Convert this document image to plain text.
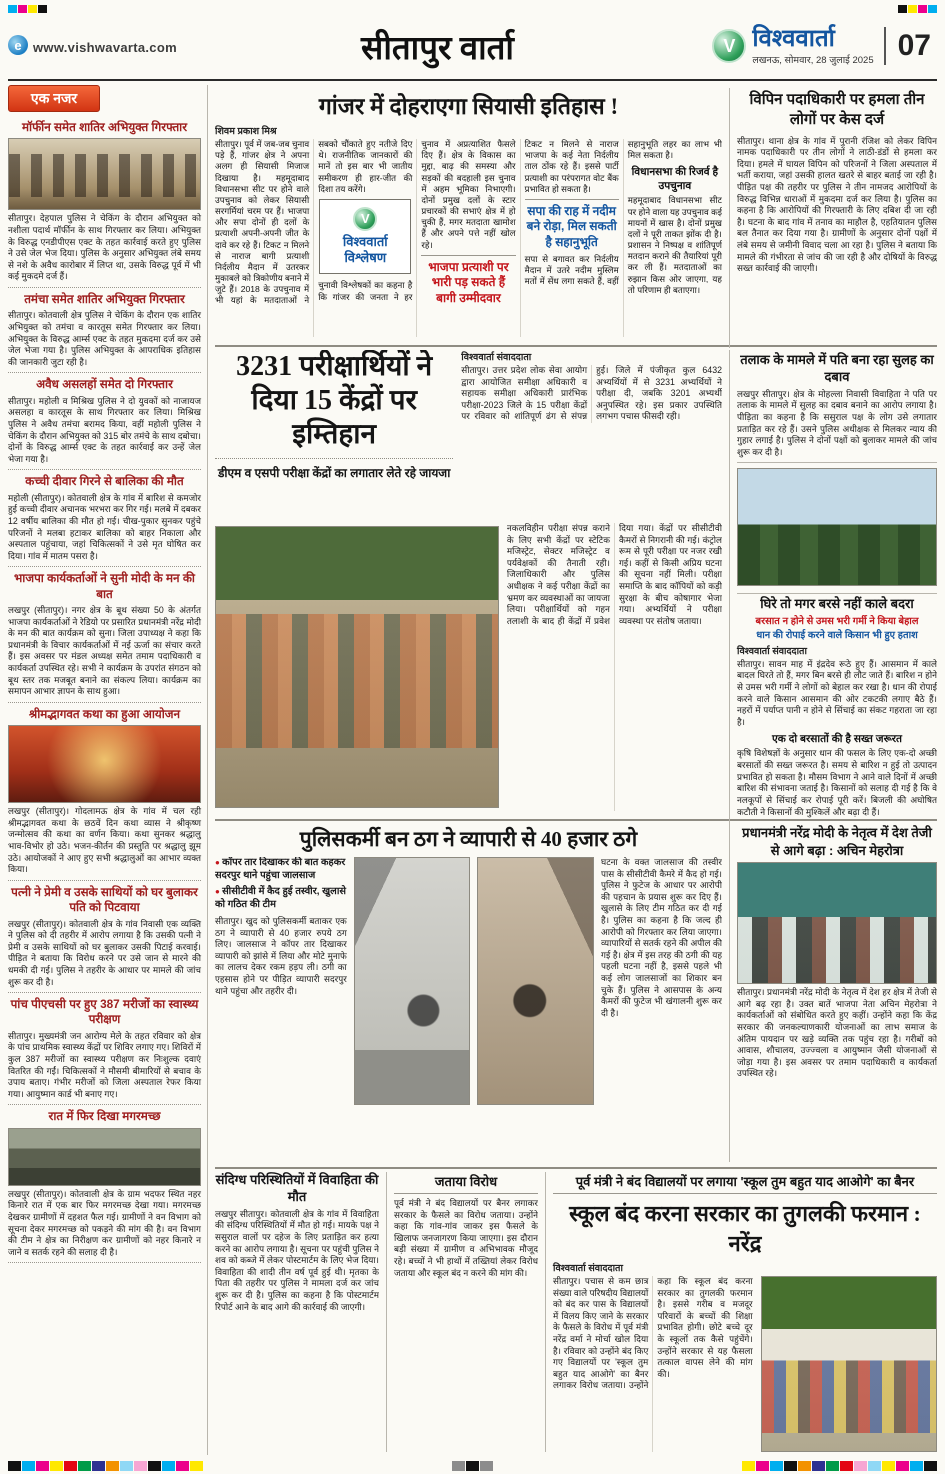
e www.vishwavarta.com	सीतापुर वार्ता	V विश्ववार्ता
लखनऊ, सोमवार, 28 जुलाई 2025 07
एक नजर
मॉर्फीन समेत शातिर अभियुक्त गिरफ्तार

सीतापुर। देहपाल पुलिस ने चेकिंग के दौरान अभियुक्त को नशीला पदार्थ मॉर्फीन के साथ गिरफ्तार कर लिया। अभियुक्त के विरुद्ध एनडीपीएस एक्ट के तहत कार्रवाई करते हुए पुलिस ने उसे जेल भेज दिया। पुलिस के अनुसार अभियुक्त लंबे समय से नशे के अवैध कारोबार में लिप्त था, उसके विरुद्ध पूर्व में भी कई मुकदमे दर्ज हैं।

तमंचा समेत शातिर अभियुक्त गिरफ्तार

सीतापुर। कोतवाली क्षेत्र पुलिस ने चेकिंग के दौरान एक शातिर अभियुक्त को तमंचा व कारतूस समेत गिरफ्तार कर लिया। अभियुक्त के विरुद्ध आर्म्स एक्ट के तहत मुकदमा दर्ज कर उसे जेल भेजा गया है। पुलिस अभियुक्त के आपराधिक इतिहास की जानकारी जुटा रही है।

अवैध असलहों समेत दो गिरफ्तार

सीतापुर। महोली व मिश्रिख पुलिस ने दो युवकों को नाजायज असलहा व कारतूस के साथ गिरफ्तार कर लिया। मिश्रिख पुलिस ने अवैध तमंचा बरामद किया, वहीं महोली पुलिस ने चेकिंग के दौरान अभियुक्त को 315 बोर तमंचे के साथ दबोचा। दोनों के विरुद्ध आर्म्स एक्ट के तहत कार्रवाई कर उन्हें जेल भेजा गया है।

कच्ची दीवार गिरने से बालिका की मौत

महोली (सीतापुर)। कोतवाली क्षेत्र के गांव में बारिश से कमजोर हुई कच्ची दीवार अचानक भरभरा कर गिर गई। मलबे में दबकर 12 वर्षीय बालिका की मौत हो गई। चीख-पुकार सुनकर पहुंचे परिजनों ने मलबा हटाकर बालिका को बाहर निकाला और अस्पताल पहुंचाया, जहां चिकित्सकों ने उसे मृत घोषित कर दिया। गांव में मातम पसरा है।

भाजपा कार्यकर्ताओं ने सुनी मोदी के मन की बात

लखपुर (सीतापुर)। नगर क्षेत्र के बूथ संख्या 50 के अंतर्गत भाजपा कार्यकर्ताओं ने रेडियो पर प्रसारित प्रधानमंत्री नरेंद्र मोदी के मन की बात कार्यक्रम को सुना। जिला उपाध्यक्ष ने कहा कि प्रधानमंत्री के विचार कार्यकर्ताओं में नई ऊर्जा का संचार करते हैं। इस अवसर पर मंडल अध्यक्ष समेत तमाम पदाधिकारी व कार्यकर्ता उपस्थित रहे। सभी ने कार्यक्रम के उपरांत संगठन को बूथ स्तर तक मजबूत बनाने का संकल्प लिया। कार्यक्रम का समापन आभार ज्ञापन के साथ हुआ।

श्रीमद्भागवत कथा का हुआ आयोजन

लखपुर (सीतापुर)। गोदलामऊ क्षेत्र के गांव में चल रही श्रीमद्भागवत कथा के छठवें दिन कथा व्यास ने श्रीकृष्ण जन्मोत्सव की कथा का वर्णन किया। कथा सुनकर श्रद्धालु भाव-विभोर हो उठे। भजन-कीर्तन की प्रस्तुति पर श्रद्धालु झूम उठे। आयोजकों ने आए हुए सभी श्रद्धालुओं का आभार व्यक्त किया।

पत्नी ने प्रेमी व उसके साथियों को घर बुलाकर पति को पिटवाया

लखपुर (सीतापुर)। कोतवाली क्षेत्र के गांव निवासी एक व्यक्ति ने पुलिस को दी तहरीर में आरोप लगाया है कि उसकी पत्नी ने प्रेमी व उसके साथियों को घर बुलाकर उसकी पिटाई करवाई। पीड़ित ने बताया कि विरोध करने पर उसे जान से मारने की धमकी दी गई। पुलिस ने तहरीर के आधार पर मामले की जांच शुरू कर दी है।

पांच पीएचसी पर हुए 387 मरीजों का स्वास्थ्य परीक्षण

सीतापुर। मुख्यमंत्री जन आरोग्य मेले के तहत रविवार को क्षेत्र के पांच प्राथमिक स्वास्थ्य केंद्रों पर शिविर लगाए गए। शिविरों में कुल 387 मरीजों का स्वास्थ्य परीक्षण कर निःशुल्क दवाएं वितरित की गईं। चिकित्सकों ने मौसमी बीमारियों से बचाव के उपाय बताए। गंभीर मरीजों को जिला अस्पताल रेफर किया गया। आयुष्मान कार्ड भी बनाए गए।

रात में फिर दिखा मगरमच्छ

लखपुर (सीतापुर)। कोतवाली क्षेत्र के ग्राम भदफर स्थित नहर किनारे रात में एक बार फिर मगरमच्छ देखा गया। मगरमच्छ देखकर ग्रामीणों में दहशत फैल गई। ग्रामीणों ने वन विभाग को सूचना देकर मगरमच्छ को पकड़ने की मांग की है। वन विभाग की टीम ने क्षेत्र का निरीक्षण कर ग्रामीणों को नहर किनारे न जाने व सतर्क रहने की सलाह दी है।

गांजर में दोहराएगा सियासी इतिहास !
शिवम प्रकाश मिश्र

सीतापुर। पूर्व में जब-जब चुनाव पड़े हैं, गांजर क्षेत्र ने अपना अलग ही सियासी मिजाज दिखाया है। महमूदाबाद विधानसभा सीट पर होने वाले उपचुनाव को लेकर सियासी सरगर्मियां चरम पर हैं। भाजपा और सपा दोनों ही दलों के प्रत्याशी अपनी-अपनी जीत के दावे कर रहे हैं। टिकट न मिलने से नाराज बागी प्रत्याशी निर्दलीय मैदान में उतरकर मुकाबले को त्रिकोणीय बनाने में जुटे हैं। 2018 के उपचुनाव में भी यहां के मतदाताओं ने सबको चौंकाते हुए नतीजे दिए थे। राजनीतिक जानकारों की मानें तो इस बार भी जातीय समीकरण ही हार-जीत की दिशा तय करेंगे।

V
विश्ववार्ता
विश्लेषण

चुनावी विश्लेषकों का कहना है कि गांजर की जनता ने हर चुनाव में अप्रत्याशित फैसले दिए हैं। क्षेत्र के विकास का मुद्दा, बाढ़ की समस्या और सड़कों की बदहाली इस चुनाव में अहम भूमिका निभाएगी। दोनों प्रमुख दलों के स्टार प्रचारकों की सभाएं क्षेत्र में हो चुकी हैं, मगर मतदाता खामोश हैं और अपने पत्ते नहीं खोल रहे।

भाजपा प्रत्याशी पर भारी पड़ सकते हैं बागी उम्मीदवार

टिकट न मिलने से नाराज भाजपा के कई नेता निर्दलीय ताल ठोंक रहे हैं। इससे पार्टी प्रत्याशी का परंपरागत वोट बैंक प्रभावित हो सकता है।

सपा की राह में नदीम बने रोड़ा, मिल सकती है सहानुभूति

सपा से बगावत कर निर्दलीय मैदान में उतरे नदीम मुस्लिम मतों में सेंध लगा सकते हैं, वहीं सहानुभूति लहर का लाभ भी मिल सकता है।

विधानसभा की रिजर्व है उपचुनाव

महमूदाबाद विधानसभा सीट पर होने वाला यह उपचुनाव कई मायनों में खास है। दोनों प्रमुख दलों ने पूरी ताकत झोंक दी है। प्रशासन ने निष्पक्ष व शांतिपूर्ण मतदान कराने की तैयारियां पूरी कर ली हैं। मतदाताओं का रुझान किस ओर जाएगा, यह तो परिणाम ही बताएगा।

विपिन पदाधिकारी पर हमला तीन लोगों पर केस दर्ज

सीतापुर। थाना क्षेत्र के गांव में पुरानी रंजिश को लेकर विपिन नामक पदाधिकारी पर तीन लोगों ने लाठी-डंडों से हमला कर दिया। हमले में घायल विपिन को परिजनों ने जिला अस्पताल में भर्ती कराया, जहां उसकी हालत खतरे से बाहर बताई जा रही है। पीड़ित पक्ष की तहरीर पर पुलिस ने तीन नामजद आरोपियों के विरुद्ध विभिन्न धाराओं में मुकदमा दर्ज कर लिया है। पुलिस का कहना है कि आरोपियों की गिरफ्तारी के लिए दबिश दी जा रही है। घटना के बाद गांव में तनाव का माहौल है, एहतियातन पुलिस बल तैनात कर दिया गया है। ग्रामीणों के अनुसार दोनों पक्षों में लंबे समय से जमीनी विवाद चला आ रहा है। पुलिस ने बताया कि मामले की गंभीरता से जांच की जा रही है और दोषियों के विरुद्ध सख्त कार्रवाई की जाएगी।

3231 परीक्षार्थियों ने दिया 15 केंद्रों पर इम्तिहान
डीएम व एसपी परीक्षा केंद्रों का लगातार लेते रहे जायजा
विश्ववार्ता संवाददाता

सीतापुर। उत्तर प्रदेश लोक सेवा आयोग द्वारा आयोजित समीक्षा अधिकारी व सहायक समीक्षा अधिकारी प्रारंभिक परीक्षा-2023 जिले के 15 परीक्षा केंद्रों पर रविवार को शांतिपूर्ण ढंग से संपन्न हुई। जिले में पंजीकृत कुल 6432 अभ्यर्थियों में से 3231 अभ्यर्थियों ने परीक्षा दी, जबकि 3201 अभ्यर्थी अनुपस्थित रहे। इस प्रकार उपस्थिति लगभग पचास फीसदी रही।

नकलविहीन परीक्षा संपन्न कराने के लिए सभी केंद्रों पर स्टेटिक मजिस्ट्रेट, सेक्टर मजिस्ट्रेट व पर्यवेक्षकों की तैनाती रही। जिलाधिकारी और पुलिस अधीक्षक ने कई परीक्षा केंद्रों का भ्रमण कर व्यवस्थाओं का जायजा लिया। परीक्षार्थियों को गहन तलाशी के बाद ही केंद्रों में प्रवेश दिया गया। केंद्रों पर सीसीटीवी कैमरों से निगरानी की गई। कंट्रोल रूम से पूरी परीक्षा पर नजर रखी गई। कहीं से किसी अप्रिय घटना की सूचना नहीं मिली। परीक्षा समाप्ति के बाद कॉपियों को कड़ी सुरक्षा के बीच कोषागार भेजा गया। अभ्यर्थियों ने परीक्षा व्यवस्था पर संतोष जताया।

तलाक के मामले में पति बना रहा सुलह का दबाव

लखपुर सीतापुर। क्षेत्र के मोहल्ला निवासी विवाहिता ने पति पर तलाक के मामले में सुलह का दबाव बनाने का आरोप लगाया है। पीड़िता का कहना है कि ससुराल पक्ष के लोग उसे लगातार प्रताड़ित कर रहे हैं। उसने पुलिस अधीक्षक से मिलकर न्याय की गुहार लगाई है। पुलिस ने दोनों पक्षों को बुलाकर मामले की जांच शुरू कर दी है।

घिरे तो मगर बरसे नहीं काले बदरा
बरसात न होने से उमस भरी गर्मी ने किया बेहाल
धान की रोपाई करने वाले किसान भी हुए हताश
विश्ववार्ता संवाददाता

सीतापुर। सावन माह में इंद्रदेव रूठे हुए हैं। आसमान में काले बादल घिरते तो हैं, मगर बिन बरसे ही लौट जाते हैं। बारिश न होने से उमस भरी गर्मी ने लोगों को बेहाल कर रखा है। धान की रोपाई करने वाले किसान आसमान की ओर टकटकी लगाए बैठे हैं। नहरों में पर्याप्त पानी न होने से सिंचाई का संकट गहराता जा रहा है।

एक दो बरसातों की है सख्त जरूरत

कृषि विशेषज्ञों के अनुसार धान की फसल के लिए एक-दो अच्छी बरसातों की सख्त जरूरत है। समय से बारिश न हुई तो उत्पादन प्रभावित हो सकता है। मौसम विभाग ने आने वाले दिनों में अच्छी बारिश की संभावना जताई है। किसानों को सलाह दी गई है कि वे नलकूपों से सिंचाई कर रोपाई पूरी करें। बिजली की अघोषित कटौती ने किसानों की मुश्किलें और बढ़ा दी हैं।

पुलिसकर्मी बन ठग ने व्यापारी से 40 हजार ठगे
● कॉपर तार दिखाकर की बात कहकर सदरपुर थाने पहुंचा जालसाज
● सीसीटीवी में कैद हुई तस्वीर, खुलासे को गठित की टीम

सीतापुर। खुद को पुलिसकर्मी बताकर एक ठग ने व्यापारी से 40 हजार रुपये ठग लिए। जालसाज ने कॉपर तार दिखाकर व्यापारी को झांसे में लिया और मोटे मुनाफे का लालच देकर रकम हड़प ली। ठगी का एहसास होने पर पीड़ित व्यापारी सदरपुर थाने पहुंचा और तहरीर दी।

घटना के वक्त जालसाज की तस्वीर पास के सीसीटीवी कैमरे में कैद हो गई। पुलिस ने फुटेज के आधार पर आरोपी की पहचान के प्रयास शुरू कर दिए हैं। खुलासे के लिए टीम गठित कर दी गई है। पुलिस का कहना है कि जल्द ही आरोपी को गिरफ्तार कर लिया जाएगा। व्यापारियों से सतर्क रहने की अपील की गई है। क्षेत्र में इस तरह की ठगी की यह पहली घटना नहीं है, इससे पहले भी कई लोग जालसाजों का शिकार बन चुके हैं। पुलिस ने आसपास के अन्य कैमरों की फुटेज भी खंगालनी शुरू कर दी है।

प्रधानमंत्री नरेंद्र मोदी के नेतृत्व में देश तेजी से आगे बढ़ा : अचिन मेहरोत्रा

सीतापुर। प्रधानमंत्री नरेंद्र मोदी के नेतृत्व में देश हर क्षेत्र में तेजी से आगे बढ़ रहा है। उक्त बातें भाजपा नेता अचिन मेहरोत्रा ने कार्यकर्ताओं को संबोधित करते हुए कहीं। उन्होंने कहा कि केंद्र सरकार की जनकल्याणकारी योजनाओं का लाभ समाज के अंतिम पायदान पर खड़े व्यक्ति तक पहुंच रहा है। गरीबों को आवास, शौचालय, उज्ज्वला व आयुष्मान जैसी योजनाओं से जोड़ा गया है। इस अवसर पर तमाम पदाधिकारी व कार्यकर्ता उपस्थित रहे।

संदिग्ध परिस्थितियों में विवाहिता की मौत

लखपुर सीतापुर। कोतवाली क्षेत्र के गांव में विवाहिता की संदिग्ध परिस्थितियों में मौत हो गई। मायके पक्ष ने ससुराल वालों पर दहेज के लिए प्रताड़ित कर हत्या करने का आरोप लगाया है। सूचना पर पहुंची पुलिस ने शव को कब्जे में लेकर पोस्टमार्टम के लिए भेज दिया। विवाहिता की शादी तीन वर्ष पूर्व हुई थी। मृतका के पिता की तहरीर पर पुलिस ने मामला दर्ज कर जांच शुरू कर दी है। पुलिस का कहना है कि पोस्टमार्टम रिपोर्ट आने के बाद आगे की कार्रवाई की जाएगी।

जताया विरोध

पूर्व मंत्री ने बंद विद्यालयों पर बैनर लगाकर सरकार के फैसले का विरोध जताया। उन्होंने कहा कि गांव-गांव जाकर इस फैसले के खिलाफ जनजागरण किया जाएगा। इस दौरान बड़ी संख्या में ग्रामीण व अभिभावक मौजूद रहे। बच्चों ने भी हाथों में तख्तियां लेकर विरोध जताया और स्कूल बंद न करने की मांग की।

पूर्व मंत्री ने बंद विद्यालयों पर लगाया 'स्कूल तुम बहुत याद आओगे' का बैनर
स्कूल बंद करना सरकार का तुगलकी फरमान : नरेंद्र
विश्ववार्ता संवाददाता

सीतापुर। पचास से कम छात्र संख्या वाले परिषदीय विद्यालयों को बंद कर पास के विद्यालयों में विलय किए जाने के सरकार के फैसले के विरोध में पूर्व मंत्री नरेंद्र वर्मा ने मोर्चा खोल दिया है। रविवार को उन्होंने बंद किए गए विद्यालयों पर 'स्कूल तुम बहुत याद आओगे' का बैनर लगाकर विरोध जताया। उन्होंने कहा कि स्कूल बंद करना सरकार का तुगलकी फरमान है। इससे गरीब व मजदूर परिवारों के बच्चों की शिक्षा प्रभावित होगी। छोटे बच्चे दूर के स्कूलों तक कैसे पहुंचेंगे। उन्होंने सरकार से यह फैसला तत्काल वापस लेने की मांग की।
